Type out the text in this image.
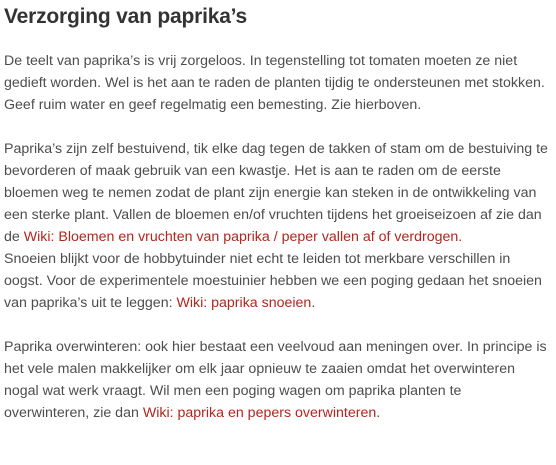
Verzorging van paprika’s

De teelt van paprika’s is vrij zorgeloos. In tegenstelling tot tomaten moeten ze niet gedieft worden. Wel is het aan te raden de planten tijdig te ondersteunen met stokken. Geef ruim water en geef regelmatig een bemesting. Zie hierboven.

Paprika’s zijn zelf bestuivend, tik elke dag tegen de takken of stam om de bestuiving te bevorderen of maak gebruik van een kwastje. Het is aan te raden om de eerste bloemen weg te nemen zodat de plant zijn energie kan steken in de ontwikkeling van een sterke plant. Vallen de bloemen en/of vruchten tijdens het groeiseizoen af zie dan de Wiki: Bloemen en vruchten van paprika / peper vallen af of verdrogen.

Snoeien blijkt voor de hobbytuinder niet echt te leiden tot merkbare verschillen in oogst. Voor de experimentele moestuinier hebben we een poging gedaan het snoeien van paprika’s uit te leggen: Wiki: paprika snoeien.

Paprika overwinteren: ook hier bestaat een veelvoud aan meningen over. In principe is het vele malen makkelijker om elk jaar opnieuw te zaaien omdat het overwinteren nogal wat werk vraagt. Wil men een poging wagen om paprika planten te overwinteren, zie dan Wiki: paprika en pepers overwinteren.
